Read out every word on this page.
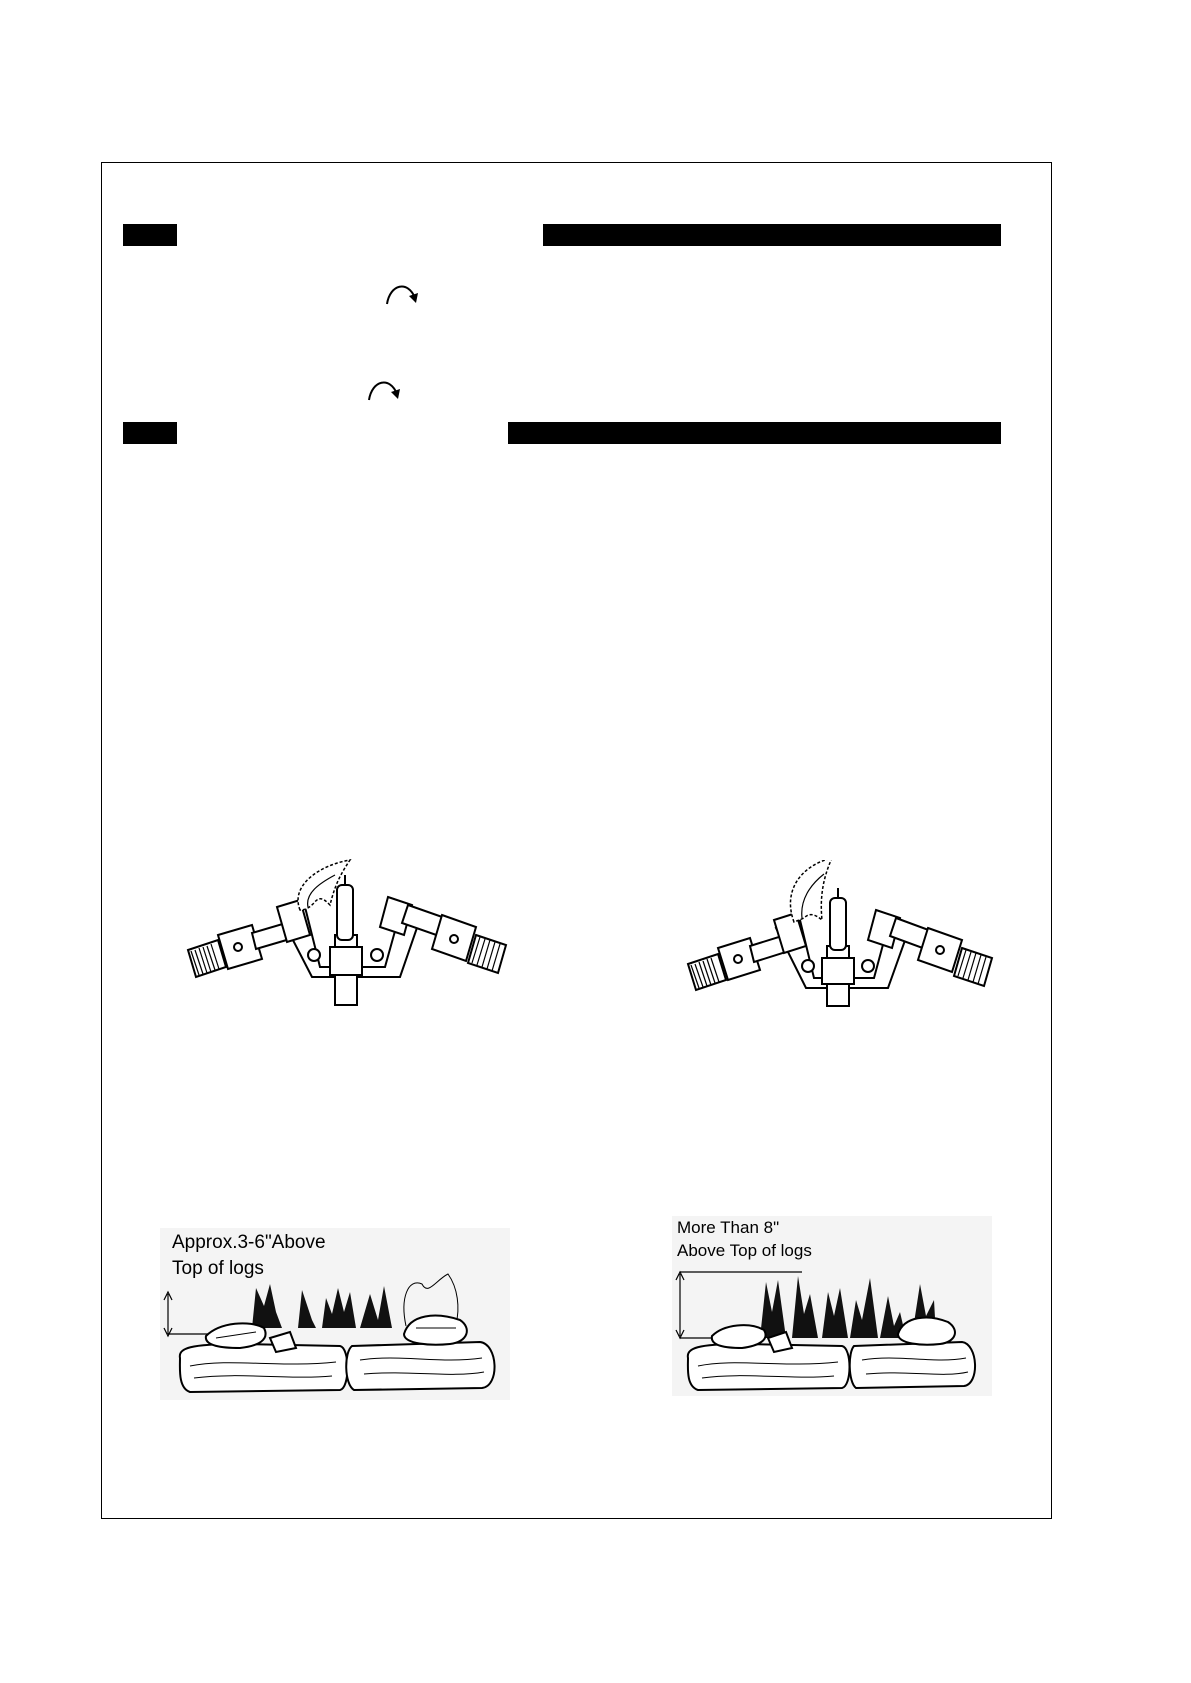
Approx.3-6"Above
Top of logs
More Than 8"
Above Top of logs
